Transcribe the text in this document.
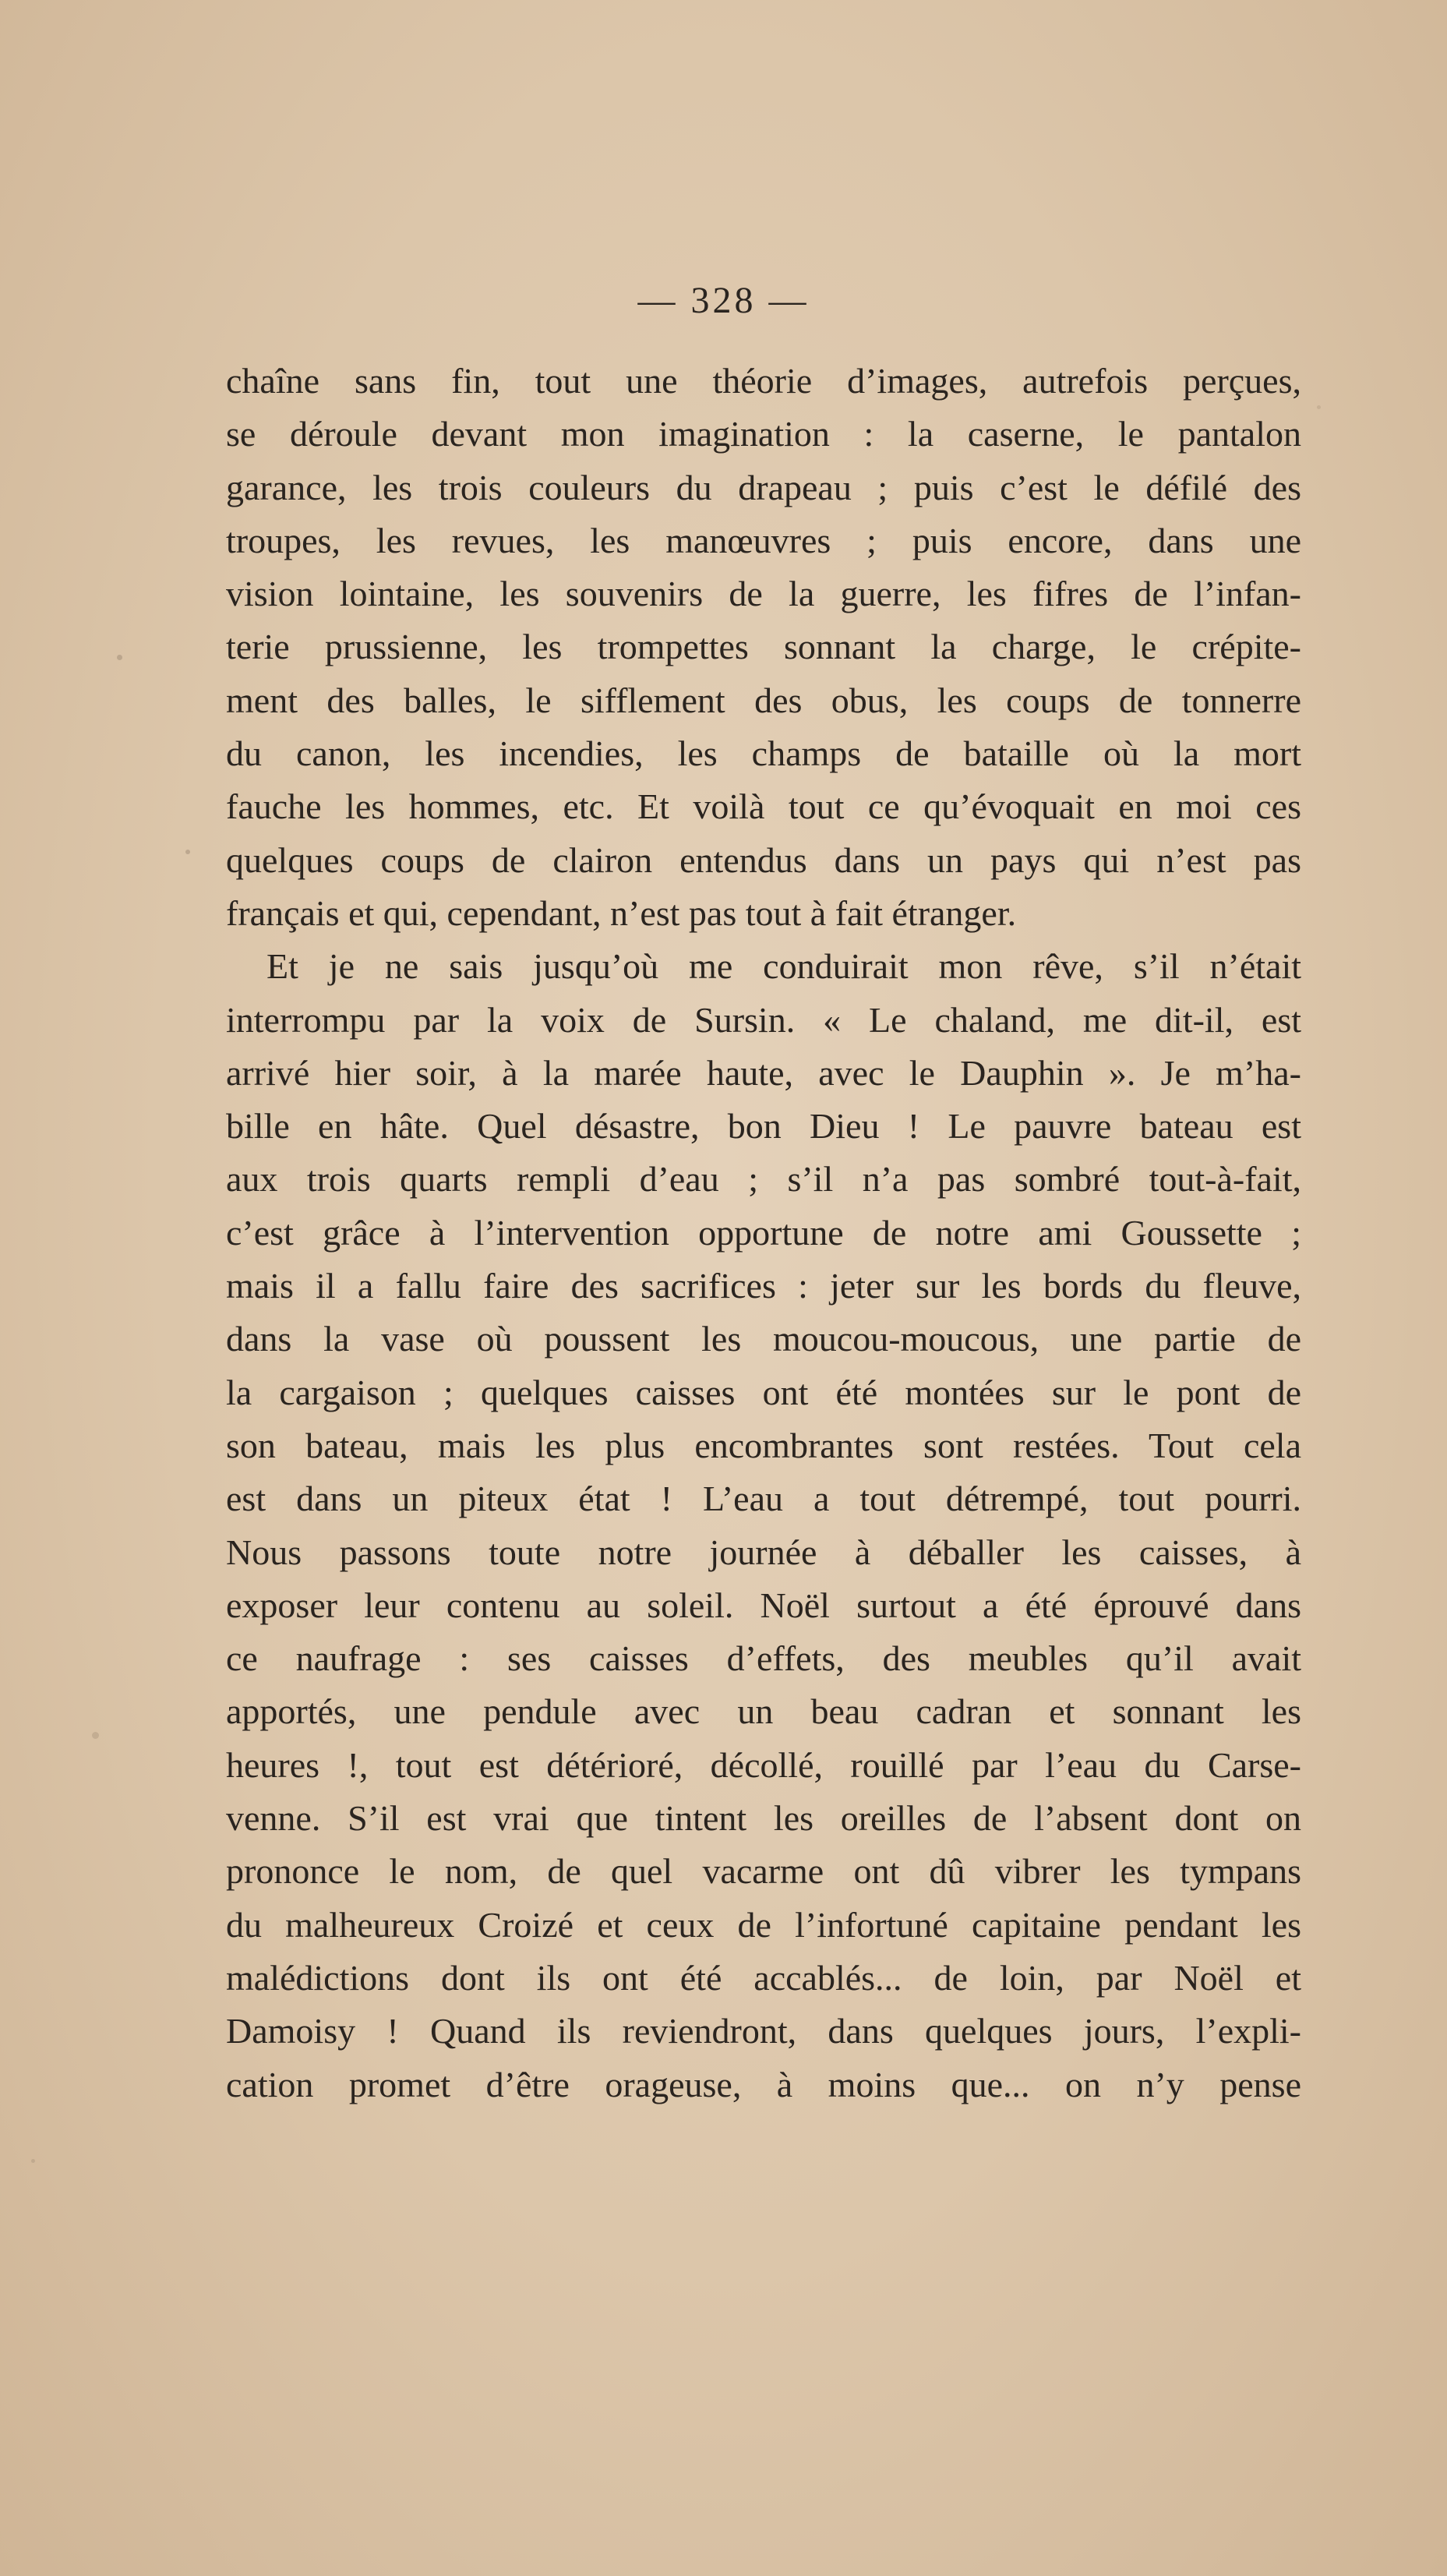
— 328 —
chaîne sans fin, tout une théorie d’images, autrefois perçues,
se déroule devant mon imagination : la caserne, le pantalon
garance, les trois couleurs du drapeau ; puis c’est le défilé des
troupes, les revues, les manœuvres ; puis encore, dans une
vision lointaine, les souvenirs de la guerre, les fifres de l’infan-
terie prussienne, les trompettes sonnant la charge, le crépite-
ment des balles, le sifflement des obus, les coups de tonnerre
du canon, les incendies, les champs de bataille où la mort
fauche les hommes, etc. Et voilà tout ce qu’évoquait en moi ces
quelques coups de clairon entendus dans un pays qui n’est pas
français et qui, cependant, n’est pas tout à fait étranger.
Et je ne sais jusqu’où me conduirait mon rêve, s’il n’était
interrompu par la voix de Sursin. « Le chaland, me dit-il, est
arrivé hier soir, à la marée haute, avec le Dauphin ». Je m’ha-
bille en hâte. Quel désastre, bon Dieu ! Le pauvre bateau est
aux trois quarts rempli d’eau ; s’il n’a pas sombré tout-à-fait,
c’est grâce à l’intervention opportune de notre ami Goussette ;
mais il a fallu faire des sacrifices : jeter sur les bords du fleuve,
dans la vase où poussent les moucou-moucous, une partie de
la cargaison ; quelques caisses ont été montées sur le pont de
son bateau, mais les plus encombrantes sont restées. Tout cela
est dans un piteux état ! L’eau a tout détrempé, tout pourri.
Nous passons toute notre journée à déballer les caisses, à
exposer leur contenu au soleil. Noël surtout a été éprouvé dans
ce naufrage : ses caisses d’effets, des meubles qu’il avait
apportés, une pendule avec un beau cadran et sonnant les
heures !, tout est détérioré, décollé, rouillé par l’eau du Carse-
venne. S’il est vrai que tintent les oreilles de l’absent dont on
prononce le nom, de quel vacarme ont dû vibrer les tympans
du malheureux Croizé et ceux de l’infortuné capitaine pendant les
malédictions dont ils ont été accablés... de loin, par Noël et
Damoisy ! Quand ils reviendront, dans quelques jours, l’expli-
cation promet d’être orageuse, à moins que... on n’y pense
